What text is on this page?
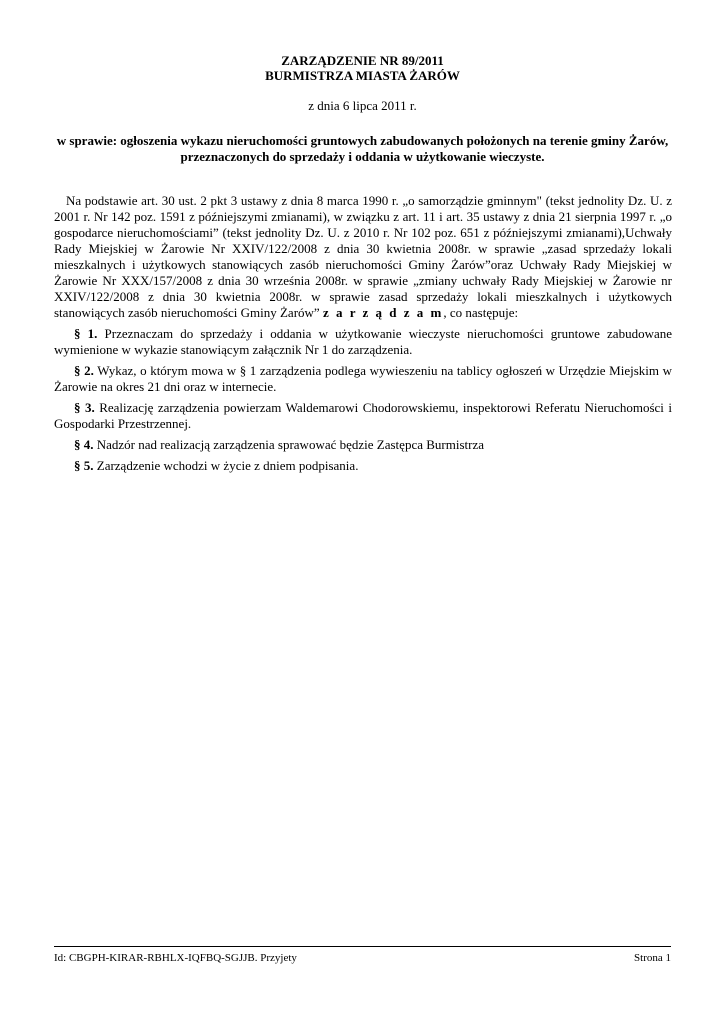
ZARZĄDZENIE NR 89/2011
BURMISTRZA MIASTA ŻARÓW
z dnia 6 lipca 2011 r.
w sprawie: ogłoszenia wykazu nieruchomości gruntowych zabudowanych położonych na terenie gminy Żarów, przeznaczonych do sprzedaży i oddania w użytkowanie wieczyste.

Na podstawie art. 30 ust. 2 pkt 3 ustawy z dnia 8 marca 1990 r. „o samorządzie gminnym" (tekst jednolity Dz. U. z 2001 r. Nr 142 poz. 1591 z późniejszymi zmianami), w związku z art. 11 i art. 35 ustawy z dnia 21 sierpnia 1997 r. „o gospodarce nieruchomościami” (tekst jednolity Dz. U. z 2010 r. Nr 102 poz. 651 z późniejszymi zmianami),Uchwały Rady Miejskiej w Żarowie Nr XXIV/122/2008 z dnia 30 kwietnia 2008r. w sprawie „zasad sprzedaży lokali mieszkalnych i użytkowych stanowiących zasób nieruchomości Gminy Żarów”oraz Uchwały Rady Miejskiej w Żarowie Nr XXX/157/2008 z dnia 30 września 2008r. w sprawie „zmiany uchwały Rady Miejskiej w Żarowie nr XXIV/122/2008 z dnia 30 kwietnia 2008r. w sprawie zasad sprzedaży lokali mieszkalnych i użytkowych stanowiących zasób nieruchomości Gminy Żarów” z a r z ą d z a m, co następuje:

§ 1. Przeznaczam do sprzedaży i oddania w użytkowanie wieczyste nieruchomości gruntowe zabudowane wymienione w wykazie stanowiącym załącznik Nr 1 do zarządzenia.

§ 2. Wykaz, o którym mowa w § 1 zarządzenia podlega wywieszeniu na tablicy ogłoszeń w Urzędzie Miejskim w Żarowie na okres 21 dni oraz w internecie.

§ 3. Realizację zarządzenia powierzam Waldemarowi Chodorowskiemu, inspektorowi Referatu Nieruchomości i Gospodarki Przestrzennej.

§ 4. Nadzór nad realizacją zarządzenia sprawować będzie Zastępca Burmistrza

§ 5. Zarządzenie wchodzi w życie z dniem podpisania.

Id: CBGPH-KIRAR-RBHLX-IQFBQ-SGJJB. Przyjety	Strona 1
